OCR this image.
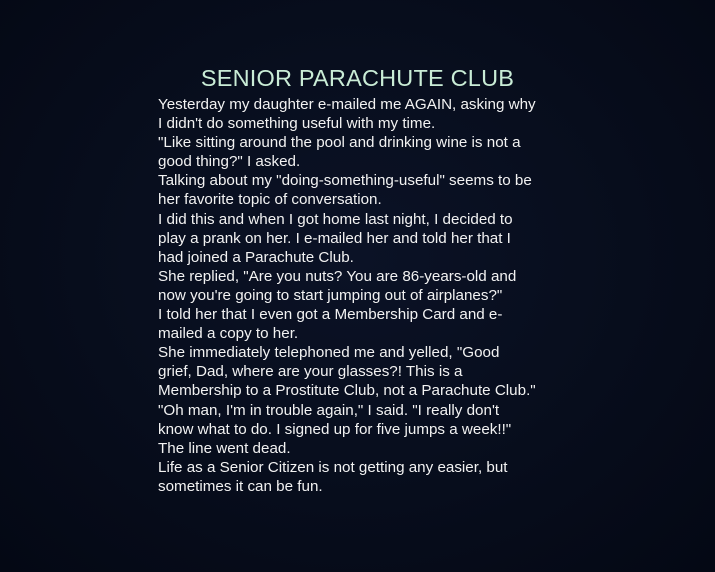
SENIOR PARACHUTE CLUB
Yesterday my daughter e-mailed me AGAIN, asking why
I didn't do something useful with my time.
"Like sitting around the pool and drinking wine is not a
good thing?" I asked.
Talking about my "doing-something-useful" seems to be
her favorite topic of conversation.
I did this and when I got home last night, I decided to
play a prank on her. I e-mailed her and told her that I
had joined a Parachute Club.
She replied, "Are you nuts? You are 86-years-old and
now you're going to start jumping out of airplanes?"
I told her that I even got a Membership Card and e-
mailed a copy to her.
She immediately telephoned me and yelled, "Good
grief, Dad, where are your glasses?! This is a
Membership to a Prostitute Club, not a Parachute Club."
"Oh man, I'm in trouble again," I said. "I really don't
know what to do. I signed up for five jumps a week!!"
The line went dead.
Life as a Senior Citizen is not getting any easier, but
sometimes it can be fun.
